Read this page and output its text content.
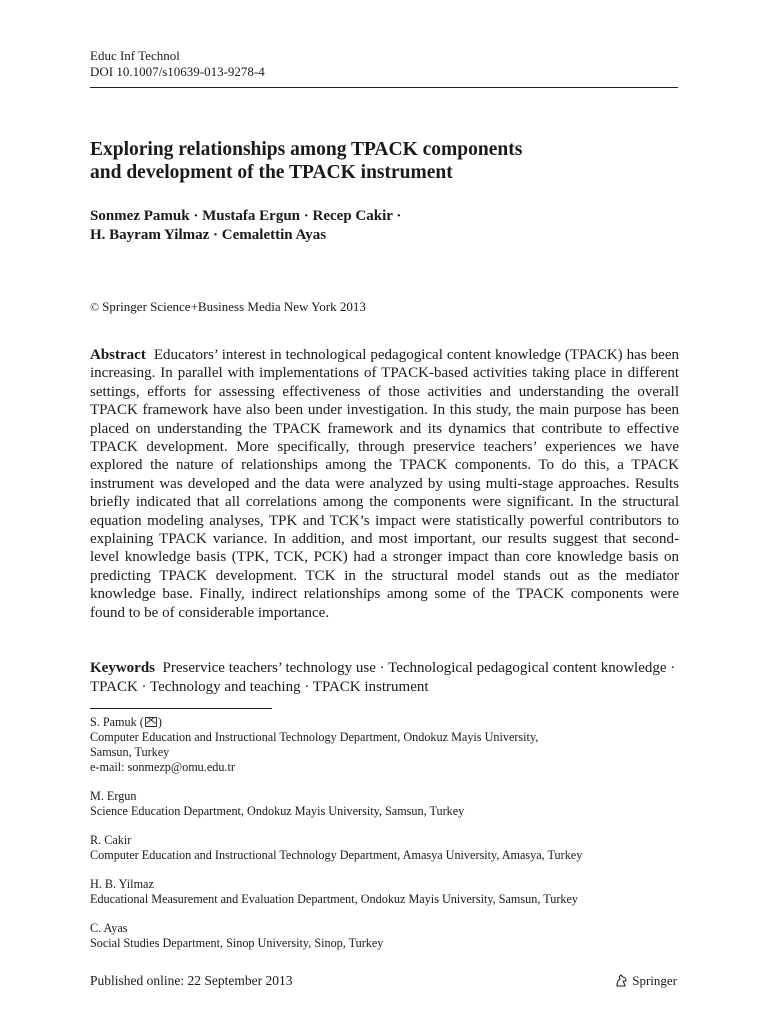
Educ Inf Technol
DOI 10.1007/s10639-013-9278-4
Exploring relationships among TPACK components
and development of the TPACK instrument
Sonmez Pamuk · Mustafa Ergun · Recep Cakir ·
H. Bayram Yilmaz · Cemalettin Ayas
© Springer Science+Business Media New York 2013

Abstract Educators’ interest in technological pedagogical content knowledge (TPACK) has been increasing. In parallel with implementations of TPACK-based activities taking place in different settings, efforts for assessing effectiveness of those activities and understanding the overall TPACK framework have also been under investigation. In this study, the main purpose has been placed on understanding the TPACK framework and its dynamics that contribute to effective TPACK development. More specifically, through preservice teachers’ experiences we have explored the nature of relationships among the TPACK components. To do this, a TPACK instrument was developed and the data were analyzed by using multi-stage approaches. Results briefly indicated that all correlations among the components were significant. In the structural equation modeling analyses, TPK and TCK’s impact were statistically powerful contributors to explaining TPACK variance. In addition, and most important, our results suggest that second-level knowledge basis (TPK, TCK, PCK) had a stronger impact than core knowledge basis on predicting TPACK development. TCK in the structural model stands out as the mediator knowledge base. Finally, indirect relationships among some of the TPACK components were found to be of considerable importance.

Keywords Preservice teachers’ technology use · Technological pedagogical content knowledge · TPACK · Technology and teaching · TPACK instrument

S. Pamuk ( )
Computer Education and Instructional Technology Department, Ondokuz Mayis University,
Samsun, Turkey
e-mail: sonmezp@omu.edu.tr
M. Ergun
Science Education Department, Ondokuz Mayis University, Samsun, Turkey
R. Cakir
Computer Education and Instructional Technology Department, Amasya University, Amasya, Turkey
H. B. Yilmaz
Educational Measurement and Evaluation Department, Ondokuz Mayis University, Samsun, Turkey
C. Ayas
Social Studies Department, Sinop University, Sinop, Turkey
Published online: 22 September 2013	Springer
